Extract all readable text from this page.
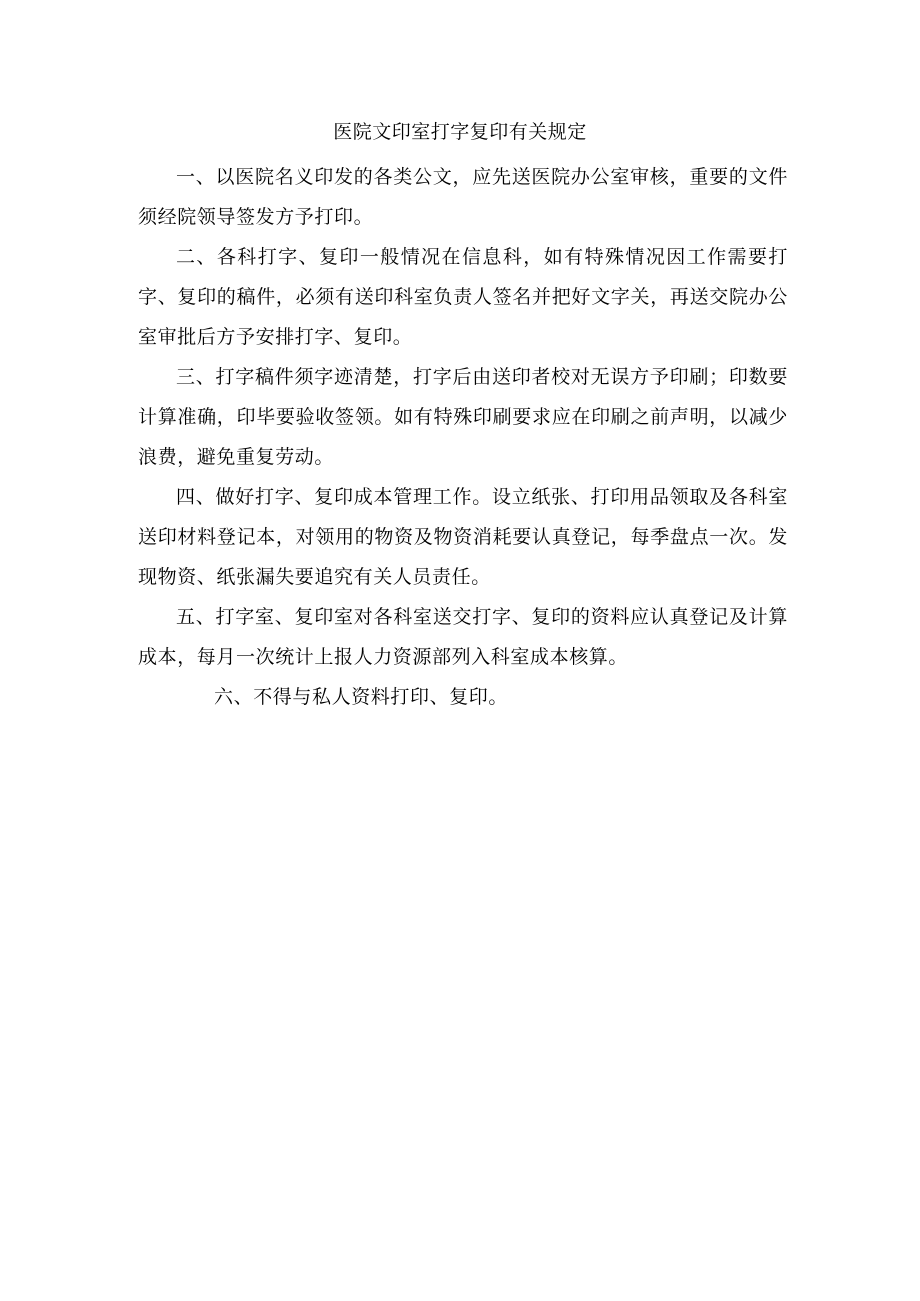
医院文印室打字复印有关规定

一、以医院名义印发的各类公文，应先送医院办公室审核，重要的文件须经院领导签发方予打印。

二、各科打字、复印一般情况在信息科，如有特殊情况因工作需要打字、复印的稿件，必须有送印科室负责人签名并把好文字关，再送交院办公室审批后方予安排打字、复印。

三、打字稿件须字迹清楚，打字后由送印者校对无误方予印刷；印数要计算准确，印毕要验收签领。如有特殊印刷要求应在印刷之前声明，以减少浪费，避免重复劳动。

四、做好打字、复印成本管理工作。设立纸张、打印用品领取及各科室送印材料登记本，对领用的物资及物资消耗要认真登记，每季盘点一次。发现物资、纸张漏失要追究有关人员责任。

五、打字室、复印室对各科室送交打字、复印的资料应认真登记及计算成本，每月一次统计上报人力资源部列入科室成本核算。

六、不得与私人资料打印、复印。
